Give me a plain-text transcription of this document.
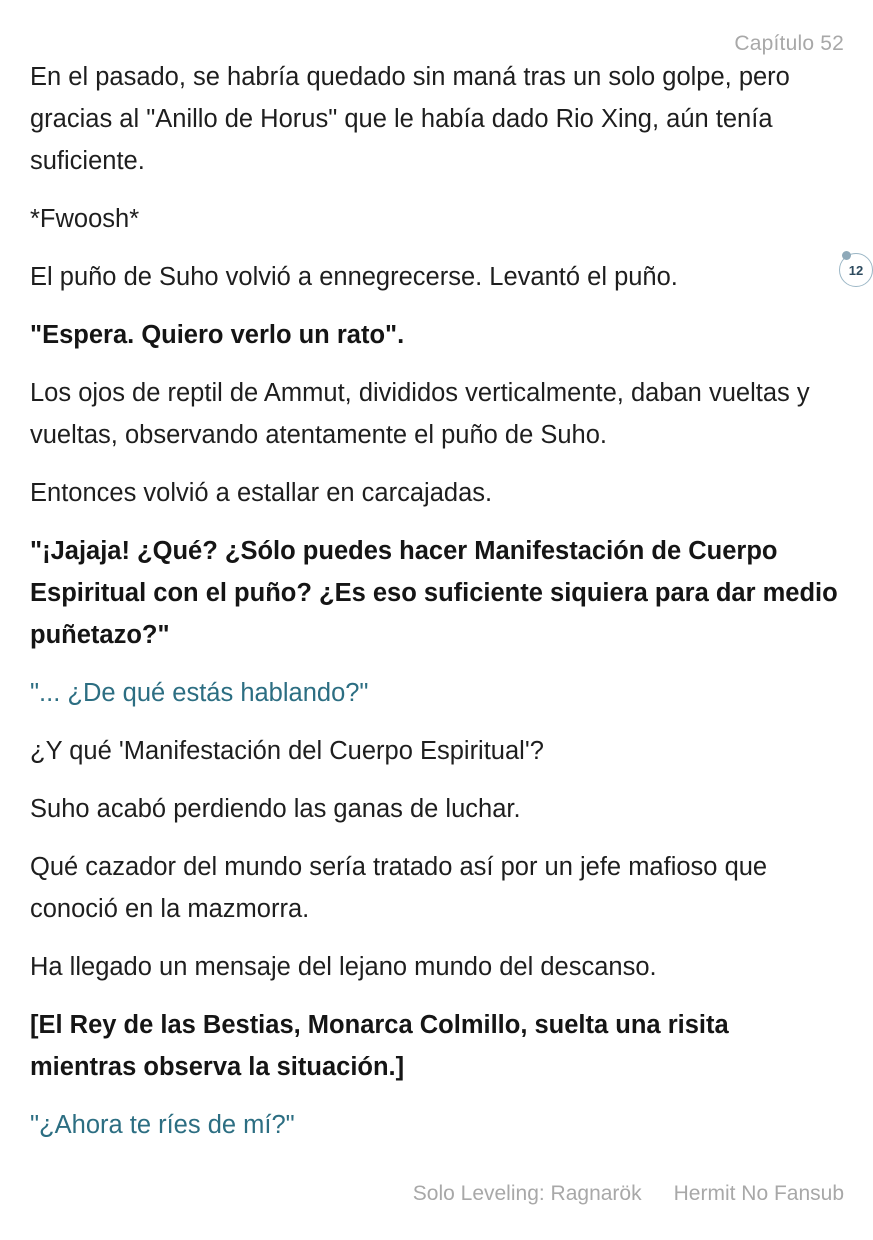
Capítulo 52

En el pasado, se habría quedado sin maná tras un solo golpe, pero gracias al "Anillo de Horus" que le había dado Rio Xing, aún tenía suficiente.

*Fwoosh*

El puño de Suho volvió a ennegrecerse. Levantó el puño.

"Espera. Quiero verlo un rato".

Los ojos de reptil de Ammut, divididos verticalmente, daban vueltas y vueltas, observando atentamente el puño de Suho.

Entonces volvió a estallar en carcajadas.

"¡Jajaja! ¿Qué? ¿Sólo puedes hacer Manifestación de Cuerpo Espiritual con el puño? ¿Es eso suficiente siquiera para dar medio puñetazo?"

"... ¿De qué estás hablando?"

¿Y qué 'Manifestación del Cuerpo Espiritual'?

Suho acabó perdiendo las ganas de luchar.

Qué cazador del mundo sería tratado así por un jefe mafioso que conoció en la mazmorra.

Ha llegado un mensaje del lejano mundo del descanso.

[El Rey de las Bestias, Monarca Colmillo, suelta una risita mientras observa la situación.]

"¿Ahora te ríes de mí?"

12
Solo Leveling: Ragnarök Hermit No Fansub
